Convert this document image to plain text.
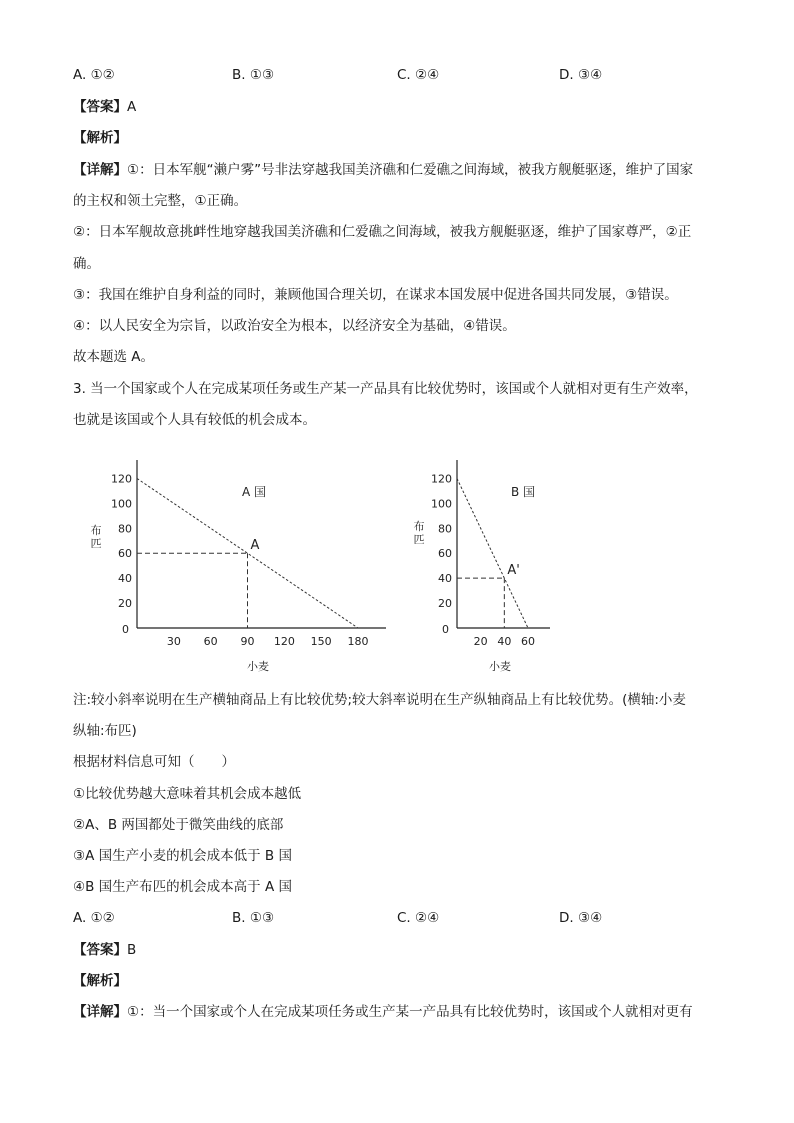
A. ①②	B. ①③	C. ②④	D. ③④
【答案】A
【解析】
【详解】①：日本军舰“濑户雾”号非法穿越我国美济礁和仁爱礁之间海域，被我方舰艇驱逐，维护了国家
的主权和领土完整，①正确。
②：日本军舰故意挑衅性地穿越我国美济礁和仁爱礁之间海域，被我方舰艇驱逐，维护了国家尊严，②正
确。
③：我国在维护自身利益的同时，兼顾他国合理关切，在谋求本国发展中促进各国共同发展，③错误。
④：以人民安全为宗旨，以政治安全为根本，以经济安全为基础，④错误。
故本题选 A。
3. 当一个国家或个人在完成某项任务或生产某一产品具有比较优势时，该国或个人就相对更有生产效率，
也就是该国或个人具有较低的机会成本。
20
40
60
80
100
120
0
30 60 90 120 150 180
A
A 国
布
匹
小麦
20
40
60
80
100
120
0
20 40 60
A'
B 国
布
匹
小麦
注:较小斜率说明在生产横轴商品上有比较优势;较大斜率说明在生产纵轴商品上有比较优势。(横轴:小麦
纵轴:布匹)
根据材料信息可知（　　）
①比较优势越大意味着其机会成本越低
②A、B 两国都处于微笑曲线的底部
③A 国生产小麦的机会成本低于 B 国
④B 国生产布匹的机会成本高于 A 国
A. ①②	B. ①③	C. ②④	D. ③④
【答案】B
【解析】
【详解】①：当一个国家或个人在完成某项任务或生产某一产品具有比较优势时，该国或个人就相对更有
